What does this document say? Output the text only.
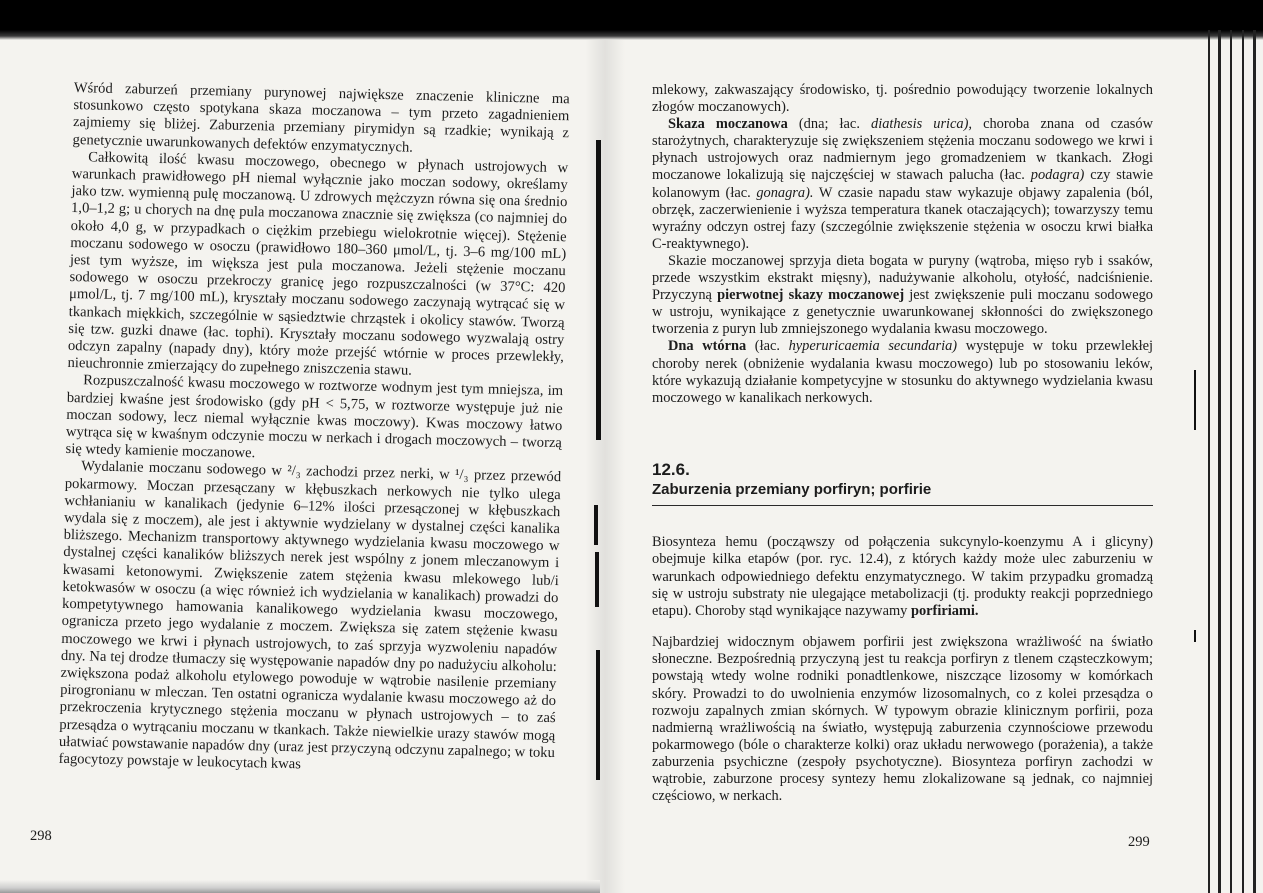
Wśród zaburzeń przemiany purynowej największe znaczenie kliniczne ma stosunkowo często spotykana skaza moczanowa – tym przeto zagadnieniem zajmiemy się bliżej. Zaburzenia przemiany pirymidyn są rzadkie; wynikają z genetycznie uwarunkowanych defektów enzymatycznych.

Całkowitą ilość kwasu moczowego, obecnego w płynach ustrojowych w warunkach prawidłowego pH niemal wyłącznie jako moczan sodowy, określamy jako tzw. wymienną pulę moczanową. U zdrowych mężczyzn równa się ona średnio 1,0–1,2 g; u chorych na dnę pula moczanowa znacznie się zwiększa (co najmniej do około 4,0 g, w przypadkach o ciężkim przebiegu wielokrotnie więcej). Stężenie moczanu sodowego w osoczu (prawidłowo 180–360 μmol/L, tj. 3–6 mg/100 mL) jest tym wyższe, im większa jest pula moczanowa. Jeżeli stężenie moczanu sodowego w osoczu przekroczy granicę jego rozpuszczalności (w 37°C: 420 μmol/L, tj. 7 mg/100 mL), kryształy moczanu sodowego zaczynają wytrącać się w tkankach miękkich, szczególnie w sąsiedztwie chrząstek i okolicy stawów. Tworzą się tzw. guzki dnawe (łac. tophi). Kryształy moczanu sodowego wyzwalają ostry odczyn zapalny (napady dny), który może przejść wtórnie w proces przewlekły, nieuchronnie zmierzający do zupełnego zniszczenia stawu.

Rozpuszczalność kwasu moczowego w roztworze wodnym jest tym mniejsza, im bardziej kwaśne jest środowisko (gdy pH < 5,75, w roztworze występuje już nie moczan sodowy, lecz niemal wyłącznie kwas moczowy). Kwas moczowy łatwo wytrąca się w kwaśnym odczynie moczu w nerkach i drogach moczowych – tworzą się wtedy kamienie moczanowe.

Wydalanie moczanu sodowego w ²/₃ zachodzi przez nerki, w ¹/₃ przez przewód pokarmowy. Moczan przesączany w kłębuszkach nerkowych nie tylko ulega wchłanianiu w kanalikach (jedynie 6–12% ilości przesączonej w kłębuszkach wydala się z moczem), ale jest i aktywnie wydzielany w dystalnej części kanalika bliższego. Mechanizm transportowy aktywnego wydzielania kwasu moczowego w dystalnej części kanalików bliższych nerek jest wspólny z jonem mleczanowym i kwasami ketonowymi. Zwiększenie zatem stężenia kwasu mlekowego lub/i ketokwasów w osoczu (a więc również ich wydzielania w kanalikach) prowadzi do kompetytywnego hamowania kanalikowego wydzielania kwasu moczowego, ogranicza przeto jego wydalanie z moczem. Zwiększa się zatem stężenie kwasu moczowego we krwi i płynach ustrojowych, to zaś sprzyja wyzwoleniu napadów dny. Na tej drodze tłumaczy się występowanie napadów dny po nadużyciu alkoholu: zwiększona podaż alkoholu etylowego powoduje w wątrobie nasilenie przemiany pirogronianu w mleczan. Ten ostatni ogranicza wydalanie kwasu moczowego aż do przekroczenia krytycznego stężenia moczanu w płynach ustrojowych – to zaś przesądza o wytrącaniu moczanu w tkankach. Także niewielkie urazy stawów mogą ułatwiać powstawanie napadów dny (uraz jest przyczyną odczynu zapalnego; w toku fagocytozy powstaje w leukocytach kwas

298

mlekowy, zakwaszający środowisko, tj. pośrednio powodujący tworzenie lokalnych złogów moczanowych).

Skaza moczanowa (dna; łac. diathesis urica), choroba znana od czasów starożytnych, charakteryzuje się zwiększeniem stężenia moczanu sodowego we krwi i płynach ustrojowych oraz nadmiernym jego gromadzeniem w tkankach. Złogi moczanowe lokalizują się najczęściej w stawach palucha (łac. podagra) czy stawie kolanowym (łac. gonagra). W czasie napadu staw wykazuje objawy zapalenia (ból, obrzęk, zaczerwienienie i wyższa temperatura tkanek otaczających); towarzyszy temu wyraźny odczyn ostrej fazy (szczególnie zwiększenie stężenia w osoczu krwi białka C-reaktywnego).

Skazie moczanowej sprzyja dieta bogata w puryny (wątroba, mięso ryb i ssaków, przede wszystkim ekstrakt mięsny), nadużywanie alkoholu, otyłość, nadciśnienie. Przyczyną pierwotnej skazy moczanowej jest zwiększenie puli moczanu sodowego w ustroju, wynikające z genetycznie uwarunkowanej skłonności do zwiększonego tworzenia z puryn lub zmniejszonego wydalania kwasu moczowego.

Dna wtórna (łac. hyperuricaemia secundaria) występuje w toku przewlekłej choroby nerek (obniżenie wydalania kwasu moczowego) lub po stosowaniu leków, które wykazują działanie kompetycyjne w stosunku do aktywnego wydzielania kwasu moczowego w kanalikach nerkowych.

12.6.
Zaburzenia przemiany porfiryn; porfirie

Biosynteza hemu (począwszy od połączenia sukcynylo-koenzymu A i glicyny) obejmuje kilka etapów (por. ryc. 12.4), z których każdy może ulec zaburzeniu w warunkach odpowiedniego defektu enzymatycznego. W takim przypadku gromadzą się w ustroju substraty nie ulegające metabolizacji (tj. produkty reakcji poprzedniego etapu). Choroby stąd wynikające nazywamy porfiriami.

Najbardziej widocznym objawem porfirii jest zwiększona wrażliwość na światło słoneczne. Bezpośrednią przyczyną jest tu reakcja porfiryn z tlenem cząsteczkowym; powstają wtedy wolne rodniki ponadtlenkowe, niszczące lizosomy w komórkach skóry. Prowadzi to do uwolnienia enzymów lizosomalnych, co z kolei przesądza o rozwoju zapalnych zmian skórnych. W typowym obrazie klinicznym porfirii, poza nadmierną wrażliwością na światło, występują zaburzenia czynnościowe przewodu pokarmowego (bóle o charakterze kolki) oraz układu nerwowego (porażenia), a także zaburzenia psychiczne (zespoły psychotyczne). Biosynteza porfiryn zachodzi w wątrobie, zaburzone procesy syntezy hemu zlokalizowane są jednak, co najmniej częściowo, w nerkach.

299
